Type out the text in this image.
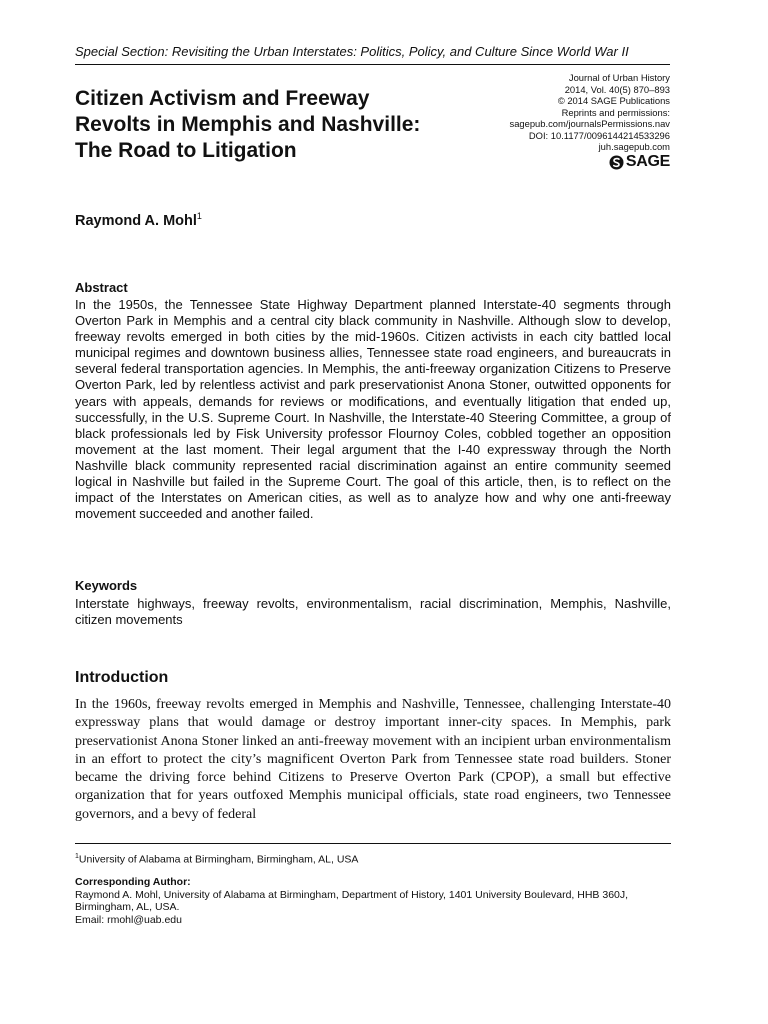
Special Section: Revisiting the Urban Interstates: Politics, Policy, and Culture Since World War II
Citizen Activism and Freeway
Revolts in Memphis and Nashville:
The Road to Litigation
Journal of Urban History
2014, Vol. 40(5) 870–893
© 2014 SAGE Publications
Reprints and permissions:
sagepub.com/journalsPermissions.nav
DOI: 10.1177/0096144214533296
juh.sagepub.com
SAGE
Raymond A. Mohl$^1$
Abstract

In the 1950s, the Tennessee State Highway Department planned Interstate-40 segments through Overton Park in Memphis and a central city black community in Nashville. Although slow to develop, freeway revolts emerged in both cities by the mid-1960s. Citizen activists in each city battled local municipal regimes and downtown business allies, Tennessee state road engineers, and bureaucrats in several federal transportation agencies. In Memphis, the anti-freeway organization Citizens to Preserve Overton Park, led by relentless activist and park preservationist Anona Stoner, outwitted opponents for years with appeals, demands for reviews or modifications, and eventually litigation that ended up, successfully, in the U.S. Supreme Court. In Nashville, the Interstate-40 Steering Committee, a group of black professionals led by Fisk University professor Flournoy Coles, cobbled together an opposition movement at the last moment. Their legal argument that the I-40 expressway through the North Nashville black community represented racial discrimination against an entire community seemed logical in Nashville but failed in the Supreme Court. The goal of this article, then, is to reflect on the impact of the Interstates on American cities, as well as to analyze how and why one anti-freeway movement succeeded and another failed.

Keywords

Interstate highways, freeway revolts, environmentalism, racial discrimination, Memphis, Nashville, citizen movements

Introduction

In the 1960s, freeway revolts emerged in Memphis and Nashville, Tennessee, challenging Interstate-40 expressway plans that would damage or destroy important inner-city spaces. In Memphis, park preservationist Anona Stoner linked an anti-freeway movement with an incipient urban environmentalism in an effort to protect the city’s magnificent Overton Park from Tennessee state road builders. Stoner became the driving force behind Citizens to Preserve Overton Park (CPOP), a small but effective organization that for years outfoxed Memphis municipal officials, state road engineers, two Tennessee governors, and a bevy of federal

$^1$University of Alabama at Birmingham, Birmingham, AL, USA
Corresponding Author:
Raymond A. Mohl, University of Alabama at Birmingham, Department of History, 1401 University Boulevard, HHB 360J, Birmingham, AL, USA.
Email: rmohl@uab.edu
